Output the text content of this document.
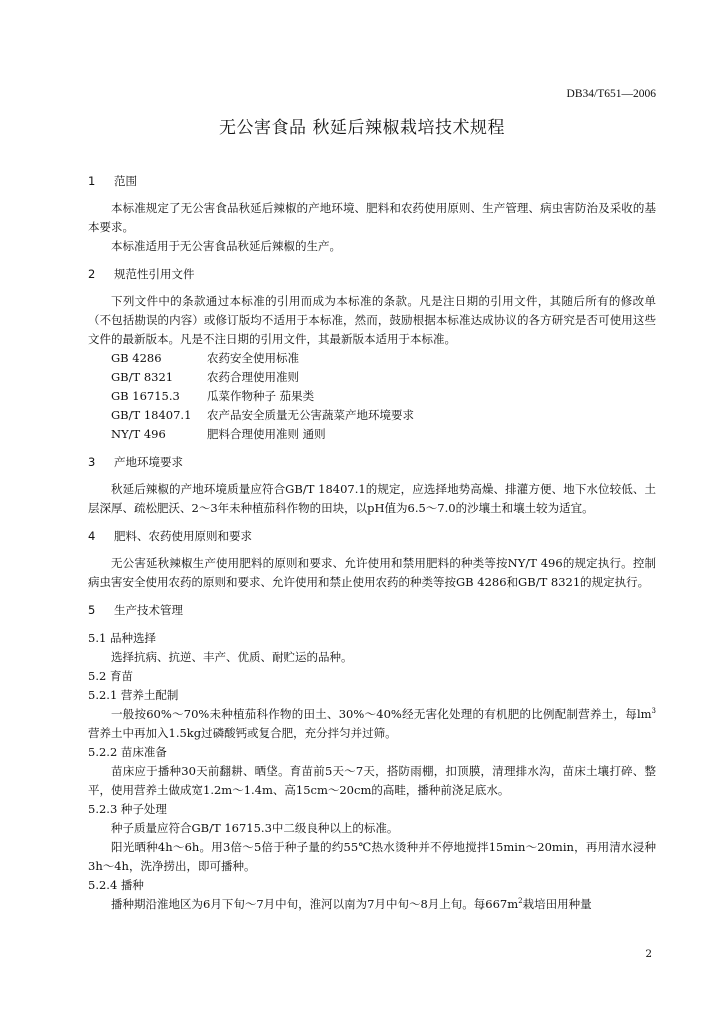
DB34/T651—2006
无公害食品 秋延后辣椒栽培技术规程
1 范围

本标准规定了无公害食品秋延后辣椒的产地环境、肥料和农药使用原则、生产管理、病虫害防治及采收的基本要求。

本标准适用于无公害食品秋延后辣椒的生产。

2 规范性引用文件

下列文件中的条款通过本标准的引用而成为本标准的条款。凡是注日期的引用文件，其随后所有的修改单（不包括勘误的内容）或修订版均不适用于本标准，然而，鼓励根据本标准达成协议的各方研究是否可使用这些文件的最新版本。凡是不注日期的引用文件，其最新版本适用于本标准。

GB 4286	农药安全使用标准
GB/T 8321	农药合理使用准则
GB 16715.3	瓜菜作物种子 茄果类
GB/T 18407.1	农产品安全质量无公害蔬菜产地环境要求
NY/T 496	肥料合理使用准则 通则
3 产地环境要求

秋延后辣椒的产地环境质量应符合GB/T 18407.1的规定，应选择地势高燥、排灌方便、地下水位较低、土层深厚、疏松肥沃、2～3年未种植茄科作物的田块，以pH值为6.5～7.0的沙壤土和壤土较为适宜。

4 肥料、农药使用原则和要求

无公害延秋辣椒生产使用肥料的原则和要求、允许使用和禁用肥料的种类等按NY/T 496的规定执行。控制病虫害安全使用农药的原则和要求、允许使用和禁止使用农药的种类等按GB 4286和GB/T 8321的规定执行。

5 生产技术管理

5.1 品种选择

选择抗病、抗逆、丰产、优质、耐贮运的品种。

5.2 育苗

5.2.1 营养土配制

一般按60%～70%未种植茄科作物的田土、30%～40%经无害化处理的有机肥的比例配制营养土，每$lm^3$营养土中再加入1.5kg过磷酸钙或复合肥，充分拌匀并过筛。

5.2.2 苗床准备

苗床应于播种30天前翻耕、晒垡。育苗前5天～7天，搭防雨棚，扣顶膜，清理排水沟，苗床土壤打碎、整平，使用营养土做成宽1.2m～1.4m、高15cm～20cm的高畦，播种前浇足底水。

5.2.3 种子处理

种子质量应符合GB/T 16715.3中二级良种以上的标准。

阳光晒种4h～6h。用3倍～5倍于种子量的约55℃热水烫种并不停地搅拌15min～20min，再用清水浸种3h～4h，洗净捞出，即可播种。

5.2.4 播种

播种期沿淮地区为6月下旬～7月中旬，淮河以南为7月中旬～8月上旬。每$667m^2$栽培田用种量

2
